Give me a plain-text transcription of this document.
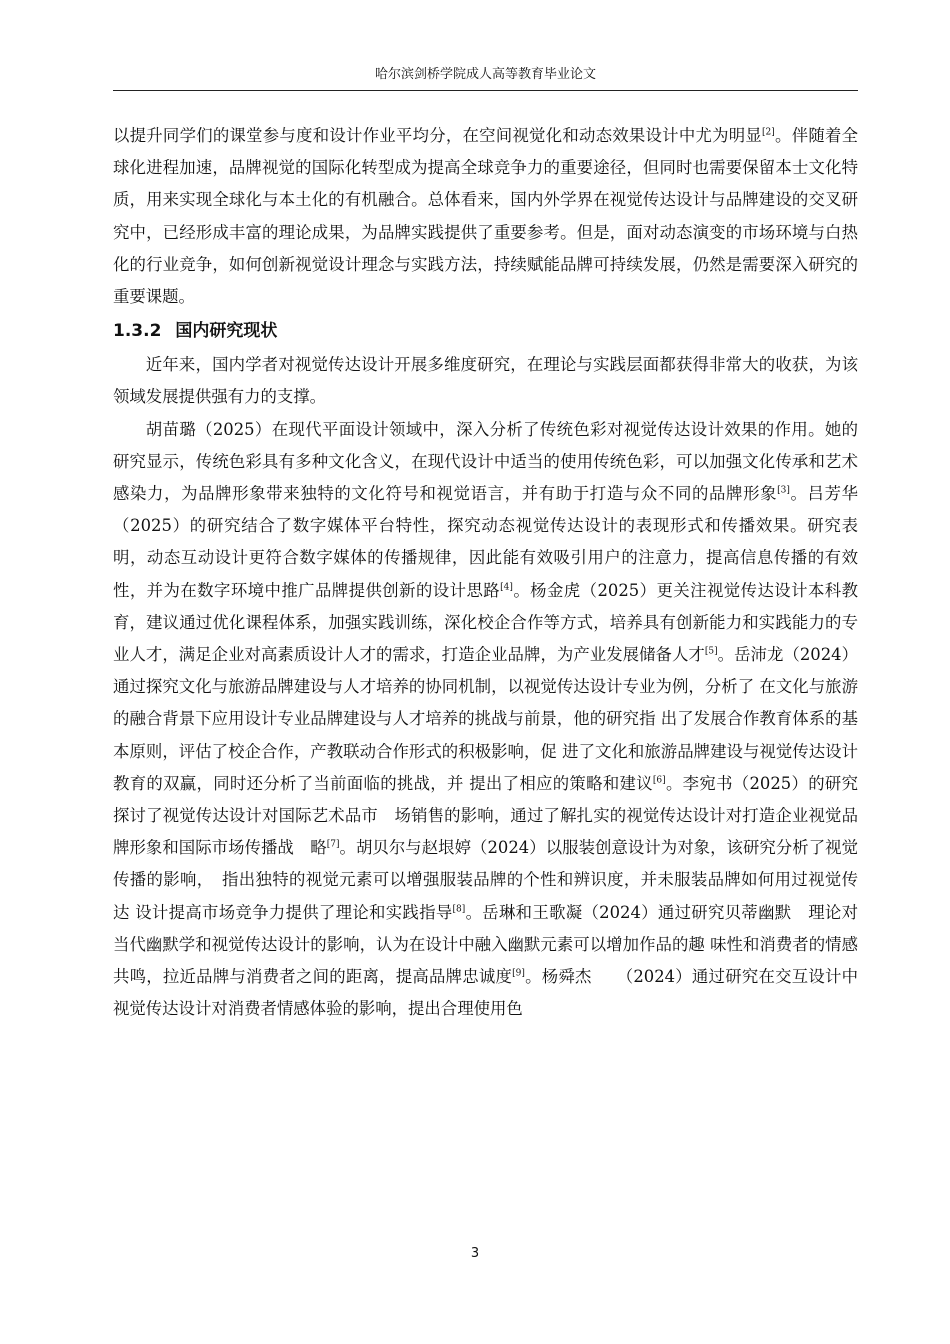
哈尔滨剑桥学院成人高等教育毕业论文

以提升同学们的课堂参与度和设计作业平均分，在空间视觉化和动态效果设计中尤为明显[2]。伴随着全球化进程加速，品牌视觉的国际化转型成为提高全球竞争力的重要途径，但同时也需要保留本士文化特质，用来实现全球化与本土化的有机融合。总体看来，国内外学界在视觉传达设计与品牌建设的交叉研究中，已经形成丰富的理论成果，为品牌实践提供了重要参考。但是，面对动态演变的市场环境与白热化的行业竞争，如何创新视觉设计理念与实践方法，持续赋能品牌可持续发展，仍然是需要深入研究的重要课题。

1.3.2 国内研究现状

近年来，国内学者对视觉传达设计开展多维度研究，在理论与实践层面都获得非常大的收获，为该领域发展提供强有力的支撑。

胡苗璐（2025）在现代平面设计领域中，深入分析了传统色彩对视觉传达设计效果的作用。她的研究显示，传统色彩具有多种文化含义，在现代设计中适当的使用传统色彩，可以加强文化传承和艺术感染力，为品牌形象带来独特的文化符号和视觉语言，并有助于打造与众不同的品牌形象[3]。吕芳华（2025）的研究结合了数字媒体平台特性，探究动态视觉传达设计的表现形式和传播效果。研究表明，动态互动设计更符合数字媒体的传播规律，因此能有效吸引用户的注意力，提高信息传播的有效性，并为在数字环境中推广品牌提供创新的设计思路[4]。杨金虎（2025）更关注视觉传达设计本科教育，建议通过优化课程体系，加强实践训练，深化校企合作等方式，培养具有创新能力和实践能力的专业人才，满足企业对高素质设计人才的需求，打造企业品牌，为产业发展储备人才[5]。岳沛龙（2024） 通过探究文化与旅游品牌建设与人才培养的协同机制，以视觉传达设计专业为例，分析了 在文化与旅游的融合背景下应用设计专业品牌建设与人才培养的挑战与前景，他的研究指 出了发展合作教育体系的基本原则，评估了校企合作，产教联动合作形式的积极影响，促 进了文化和旅游品牌建设与视觉传达设计教育的双赢，同时还分析了当前面临的挑战，并 提出了相应的策略和建议[6]。李宛书（2025）的研究探讨了视觉传达设计对国际艺术品市　场销售的影响，通过了解扎实的视觉传达设计对打造企业视觉品牌形象和国际市场传播战　略[7]。胡贝尔与赵垠婷（2024）以服装创意设计为对象，该研究分析了视觉传播的影响，　指出独特的视觉元素可以增强服装品牌的个性和辨识度，并未服装品牌如何用过视觉传达 设计提高市场竞争力提供了理论和实践指导[8]。岳琳和王歌凝（2024）通过研究贝蒂幽默　理论对当代幽默学和视觉传达设计的影响，认为在设计中融入幽默元素可以增加作品的趣 味性和消费者的情感共鸣，拉近品牌与消费者之间的距离，提高品牌忠诚度[9]。杨舜杰　　（2024）通过研究在交互设计中视觉传达设计对消费者情感体验的影响，提出合理使用色

3
